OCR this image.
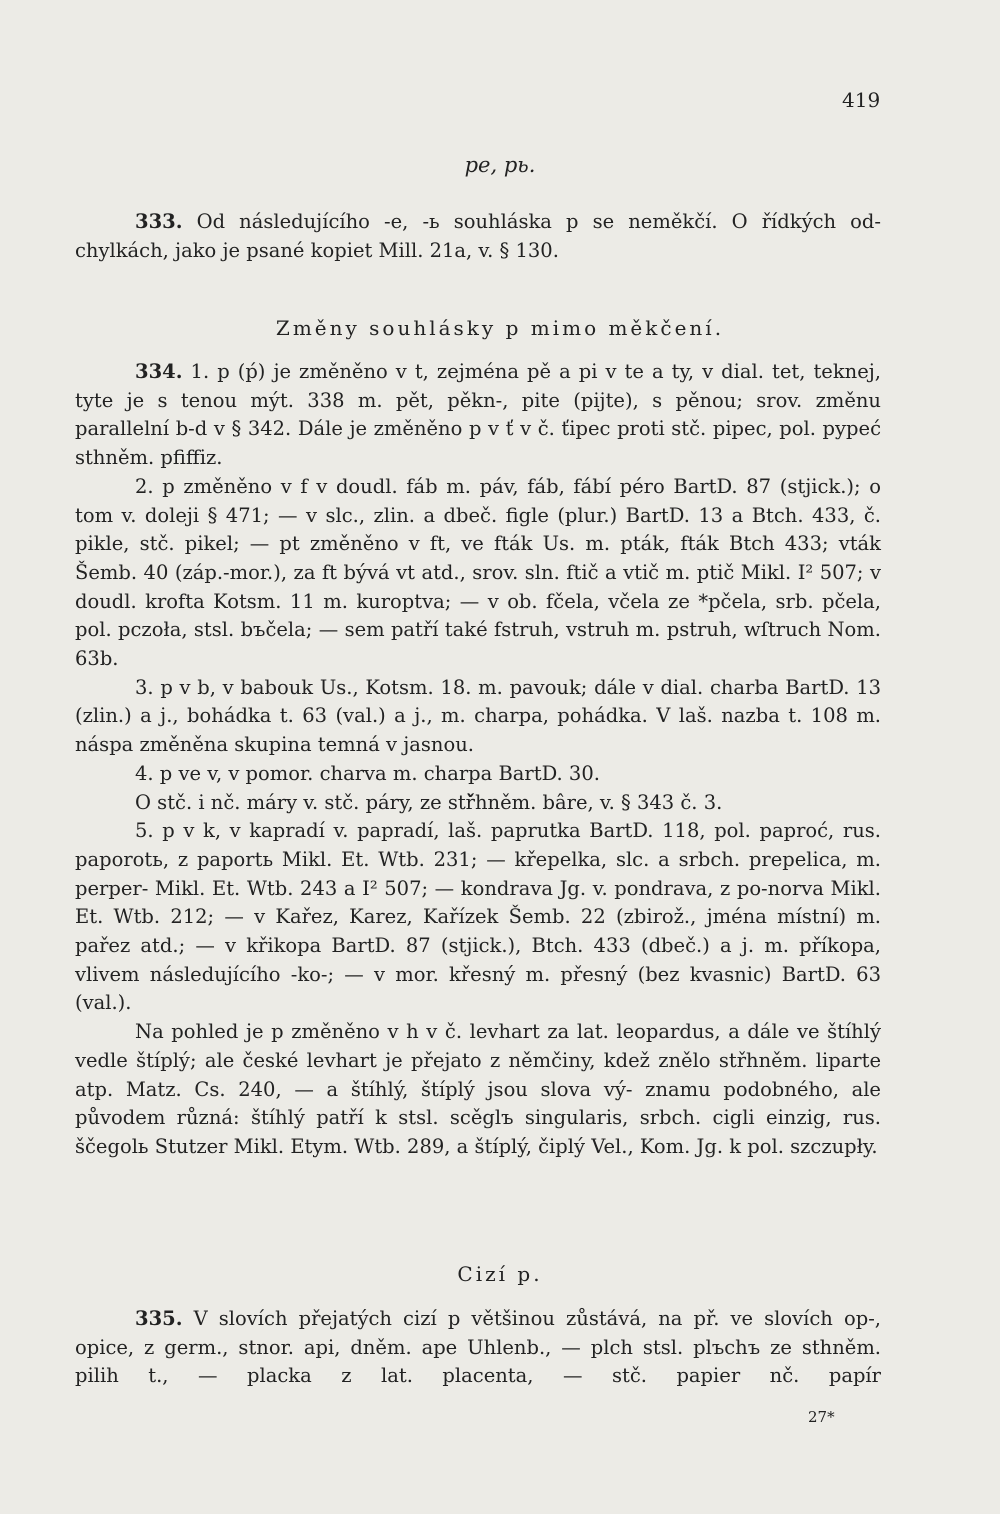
419
pe, pь.

333. Od následujícího -e, -ь souhláska p se neměkčí. O řídkých od- chylkách, jako je psané kopiet Mill. 21a, v. § 130.

Změny souhlásky p mimo měkčení.

334. 1. p (ṕ) je změněno v t, zejména pě a pi v te a ty, v dial. tet, teknej, tyte je s tenou mýt. 338 m. pět, pěkn-, pite (pijte), s pěnou; srov. změnu parallelní b-d v § 342. Dále je změněno p v ť v č. ťipec proti stč. pipec, pol. pypeć sthněm. pfiffiz.

2. p změněno v f v doudl. fáb m. páv, fáb, fábí péro BartD. 87 (stjick.); o tom v. doleji § 471; — v slc., zlin. a dbeč. figle (plur.) BartD. 13 a Btch. 433, č. pikle, stč. pikel; — pt změněno v ft, ve fták Us. m. pták, fták Btch 433; vták Šemb. 40 (záp.-mor.), za ft bývá vt atd., srov. sln. ftič a vtič m. ptič Mikl. I² 507; v doudl. krofta Kotsm. 11 m. kuroptva; — v ob. fčela, včela ze *pčela, srb. pčela, pol. pczoła, stsl. bъčela; — sem patří také fstruh, vstruh m. pstruh, wſtruch Nom. 63b.

3. p v b, v babouk Us., Kotsm. 18. m. pavouk; dále v dial. charba BartD. 13 (zlin.) a j., bohádka t. 63 (val.) a j., m. charpa, pohádka. V laš. nazba t. 108 m. náspa změněna skupina temná v jasnou.

4. p ve v, v pomor. charva m. charpa BartD. 30.

O stč. i nč. máry v. stč. páry, ze stř̌hněm. bâre, v. § 343 č. 3.

5. p v k, v kapradí v. papradí, laš. paprutka BartD. 118, pol. paproć, rus. paporotь, z paportь Mikl. Et. Wtb. 231; — křepelka, slc. a srbch. prepelica, m. perper- Mikl. Et. Wtb. 243 a I² 507; — kondrava Jg. v. pondrava, z po-norva Mikl. Et. Wtb. 212; — v Kařez, Karez, Kařízek Šemb. 22 (zbirož., jména místní) m. pařez atd.; — v křikopa BartD. 87 (stjick.), Btch. 433 (dbeč.) a j. m. příkopa, vlivem následujícího -ko-; — v mor. křesný m. přesný (bez kvasnic) BartD. 63 (val.).

Na pohled je p změněno v h v č. levhart za lat. leopardus, a dále ve štíhlý vedle štíplý; ale české levhart je přejato z němčiny, kdež znělo střhněm. liparte atp. Matz. Cs. 240, — a štíhlý, štíplý jsou slova vý- znamu podobného, ale původem různá: štíhlý patří k stsl. scěglъ singularis, srbch. cigli einzig, rus. ščegolь Stutzer Mikl. Etym. Wtb. 289, a štíplý, čiplý Vel., Kom. Jg. k pol. szczupły.

Cizí p.

335. V slovích přejatých cizí p většinou zůstává, na př. ve slovích op-, opice, z germ., stnor. api, dněm. ape Uhlenb., — plch stsl. plъchъ ze sthněm. pilih t., — placka z lat. placenta, — stč. papier nč. papír

27*
